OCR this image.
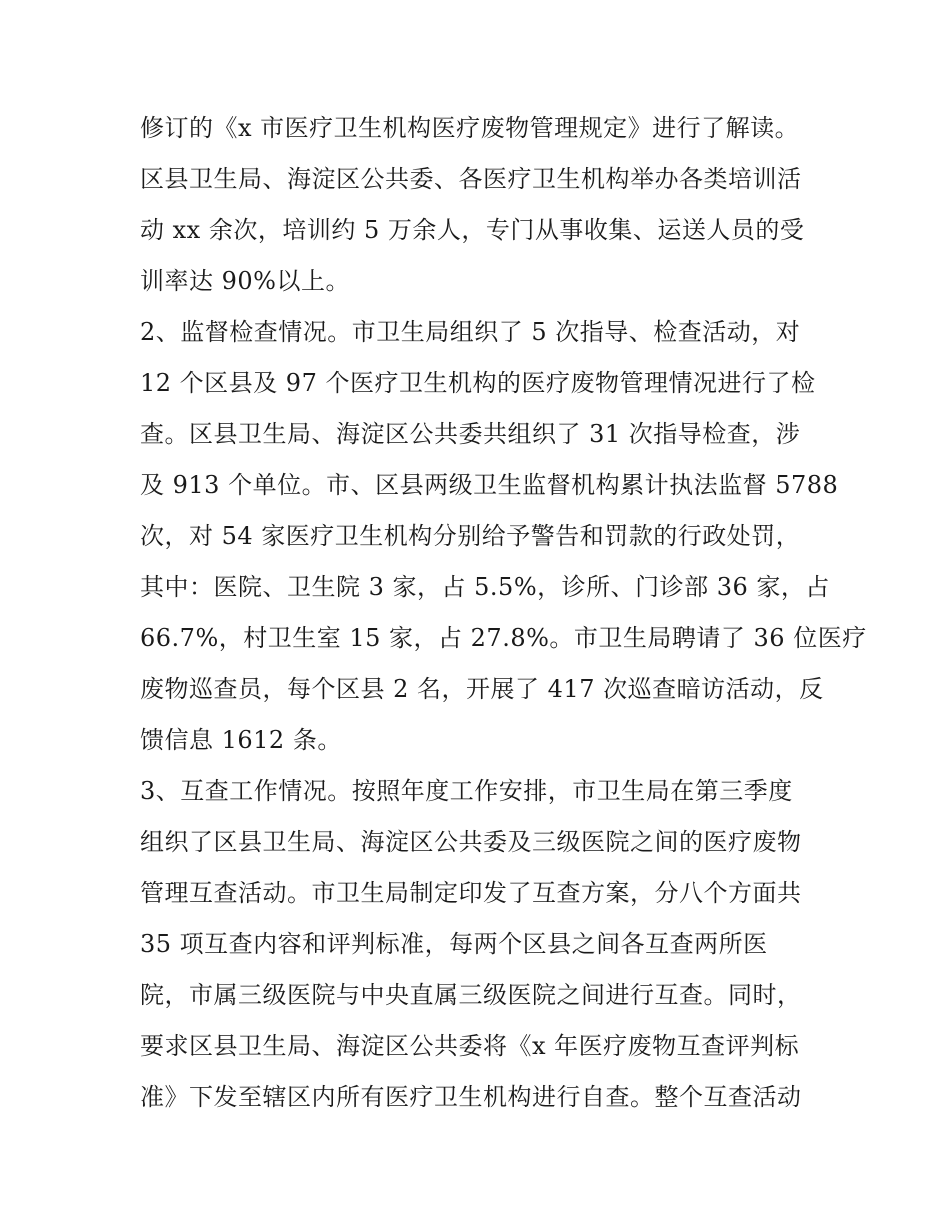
修订的《x 市医疗卫生机构医疗废物管理规定》进行了解读。
区县卫生局、海淀区公共委、各医疗卫生机构举办各类培训活
动 xx 余次，培训约 5 万余人，专门从事收集、运送人员的受
训率达 90%以上。
2、监督检查情况。市卫生局组织了 5 次指导、检查活动，对
12 个区县及 97 个医疗卫生机构的医疗废物管理情况进行了检
查。区县卫生局、海淀区公共委共组织了 31 次指导检查，涉
及 913 个单位。市、区县两级卫生监督机构累计执法监督 5788
次，对 54 家医疗卫生机构分别给予警告和罚款的行政处罚，
其中：医院、卫生院 3 家，占 5.5%，诊所、门诊部 36 家，占
66.7%，村卫生室 15 家，占 27.8%。市卫生局聘请了 36 位医疗
废物巡查员，每个区县 2 名，开展了 417 次巡查暗访活动，反
馈信息 1612 条。
3、互查工作情况。按照年度工作安排，市卫生局在第三季度
组织了区县卫生局、海淀区公共委及三级医院之间的医疗废物
管理互查活动。市卫生局制定印发了互查方案，分八个方面共
35 项互查内容和评判标准，每两个区县之间各互查两所医
院，市属三级医院与中央直属三级医院之间进行互查。同时，
要求区县卫生局、海淀区公共委将《x 年医疗废物互查评判标
准》下发至辖区内所有医疗卫生机构进行自查。整个互查活动
